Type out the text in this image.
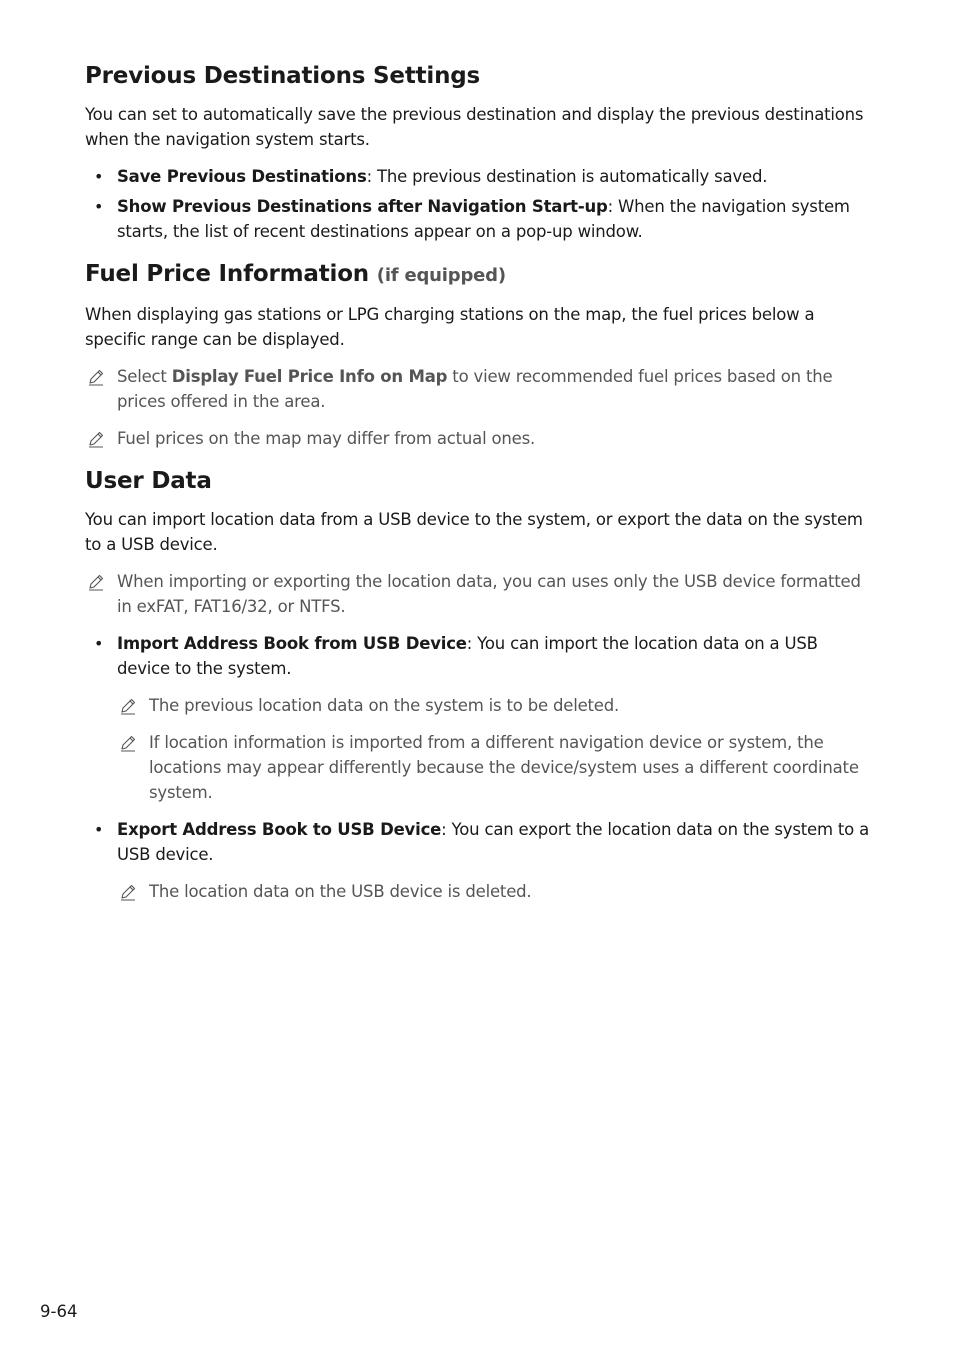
Previous Destinations Settings

You can set to automatically save the previous destination and display the previous destinations when the navigation system starts.

• Save Previous Destinations: The previous destination is automatically saved.
• Show Previous Destinations after Navigation Start-up: When the navigation system starts, the list of recent destinations appear on a pop-up window.
Fuel Price Information (if equipped)

When displaying gas stations or LPG charging stations on the map, the fuel prices below a specific range can be displayed.

Select Display Fuel Price Info on Map to view recommended fuel prices based on the prices offered in the area.
Fuel prices on the map may differ from actual ones.
User Data

You can import location data from a USB device to the system, or export the data on the system to a USB device.

When importing or exporting the location data, you can uses only the USB device formatted in exFAT, FAT16/32, or NTFS.
• Import Address Book from USB Device: You can import the location data on a USB device to the system.
The previous location data on the system is to be deleted.
If location information is imported from a different navigation device or system, the locations may appear differently because the device/system uses a different coordinate system.
• Export Address Book to USB Device: You can export the location data on the system to a USB device.
The location data on the USB device is deleted.
9-64
